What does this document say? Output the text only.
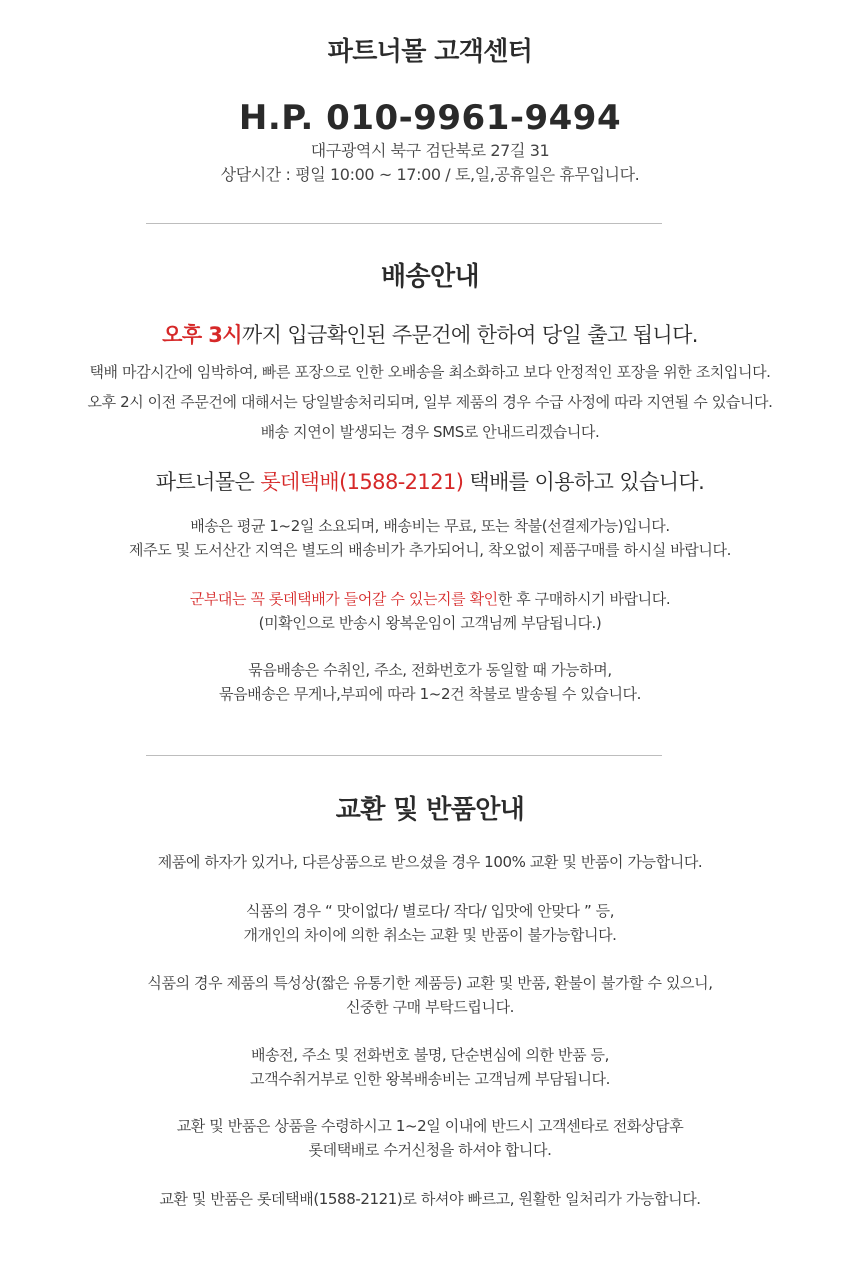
파트너몰 고객센터
H.P. 010-9961-9494
대구광역시 북구 검단북로 27길 31
상담시간 : 평일 10:00 ~ 17:00 / 토,일,공휴일은 휴무입니다.
배송안내
오후 3시까지 입금확인된 주문건에 한하여 당일 출고 됩니다.
택배 마감시간에 임박하여, 빠른 포장으로 인한 오배송을 최소화하고 보다 안정적인 포장을 위한 조치입니다.
오후 2시 이전 주문건에 대해서는 당일발송처리되며, 일부 제품의 경우 수급 사정에 따라 지연될 수 있습니다.
배송 지연이 발생되는 경우 SMS로 안내드리겠습니다.
파트너몰은 롯데택배(1588-2121) 택배를 이용하고 있습니다.
배송은 평균 1~2일 소요되며, 배송비는 무료, 또는 착불(선결제가능)입니다.
제주도 및 도서산간 지역은 별도의 배송비가 추가되어니, 착오없이 제품구매를 하시실 바랍니다.
군부대는 꼭 롯데택배가 들어갈 수 있는지를 확인한 후 구매하시기 바랍니다.
(미확인으로 반송시 왕복운임이 고객님께 부담됩니다.)
묶음배송은 수취인, 주소, 전화번호가 동일할 때 가능하며,
묶음배송은 무게나,부피에 따라 1~2건 착불로 발송될 수 있습니다.
교환 및 반품안내
제품에 하자가 있거나, 다른상품으로 받으셨을 경우 100% 교환 및 반품이 가능합니다.
식품의 경우 “ 맛이없다/ 별로다/ 작다/ 입맛에 안맞다 ” 등,
개개인의 차이에 의한 취소는 교환 및 반품이 불가능합니다.
식품의 경우 제품의 특성상(짧은 유통기한 제품등) 교환 및 반품, 환불이 불가할 수 있으니,
신중한 구매 부탁드립니다.
배송전, 주소 및 전화번호 불명, 단순변심에 의한 반품 등,
고객수취거부로 인한 왕복배송비는 고객님께 부담됩니다.
교환 및 반품은 상품을 수령하시고 1~2일 이내에 반드시 고객센타로 전화상담후
롯데택배로 수거신청을 하셔야 합니다.
교환 및 반품은 롯데택배(1588-2121)로 하셔야 빠르고, 원활한 일처리가 가능합니다.
